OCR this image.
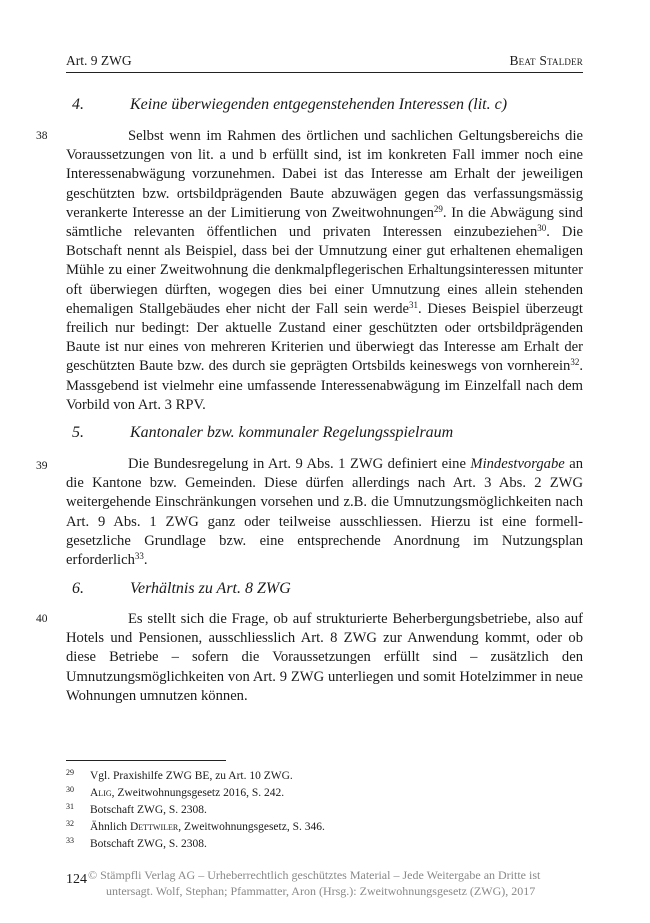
Art. 9 ZWG	Beat Stalder
4.	Keine überwiegenden entgegenstehenden Interessen (lit. c)
38	Selbst wenn im Rahmen des örtlichen und sachlichen Geltungsbereichs die Voraussetzungen von lit. a und b erfüllt sind, ist im konkreten Fall immer noch eine Interessenabwägung vorzunehmen. Dabei ist das Interesse am Erhalt der jeweiligen geschützten bzw. ortsbildprägenden Baute abzuwägen gegen das verfassungsmässig verankerte Interesse an der Limitierung von Zweitwohnungen$^{29}$. In die Abwägung sind sämtliche relevanten öffentlichen und privaten Interessen einzubeziehen$^{30}$. Die Botschaft nennt als Beispiel, dass bei der Umnutzung einer gut erhaltenen ehemaligen Mühle zu einer Zweitwohnung die denkmalpflegerischen Erhaltungsinteressen mitunter oft überwiegen dürften, wogegen dies bei einer Umnutzung eines allein stehenden ehemaligen Stallgebäudes eher nicht der Fall sein werde$^{31}$. Dieses Beispiel überzeugt freilich nur bedingt: Der aktuelle Zustand einer geschützten oder ortsbildprägenden Baute ist nur eines von mehreren Kriterien und überwiegt das Interesse am Erhalt der geschützten Baute bzw. des durch sie geprägten Ortsbilds keineswegs von vornherein$^{32}$. Massgebend ist vielmehr eine umfassende Interessenabwägung im Einzelfall nach dem Vorbild von Art. 3 RPV.
5.	Kantonaler bzw. kommunaler Regelungsspielraum
39	Die Bundesregelung in Art. 9 Abs. 1 ZWG definiert eine Mindestvorgabe an die Kantone bzw. Gemeinden. Diese dürfen allerdings nach Art. 3 Abs. 2 ZWG weitergehende Einschränkungen vorsehen und z.B. die Umnutzungsmöglichkeiten nach Art. 9 Abs. 1 ZWG ganz oder teilweise ausschliessen. Hierzu ist eine formell-gesetzliche Grundlage bzw. eine entsprechende Anordnung im Nutzungsplan erforderlich$^{33}$.
6.	Verhältnis zu Art. 8 ZWG
40	Es stellt sich die Frage, ob auf strukturierte Beherbergungsbetriebe, also auf Hotels und Pensionen, ausschliesslich Art. 8 ZWG zur Anwendung kommt, oder ob diese Betriebe – sofern die Voraussetzungen erfüllt sind – zusätzlich den Umnutzungsmöglichkeiten von Art. 9 ZWG unterliegen und somit Hotelzimmer in neue Wohnungen umnutzen können.
29 Vgl. Praxishilfe ZWG BE, zu Art. 10 ZWG.
30 Alig, Zweitwohnungsgesetz 2016, S. 242.
31 Botschaft ZWG, S. 2308.
32 Ähnlich Dettwiler, Zweitwohnungsgesetz, S. 346.
33 Botschaft ZWG, S. 2308.
124 © Stämpfli Verlag AG – Urheberrechtlich geschütztes Material – Jede Weitergabe an Dritte ist
untersagt. Wolf, Stephan; Pfammatter, Aron (Hrsg.): Zweitwohnungsgesetz (ZWG), 2017
